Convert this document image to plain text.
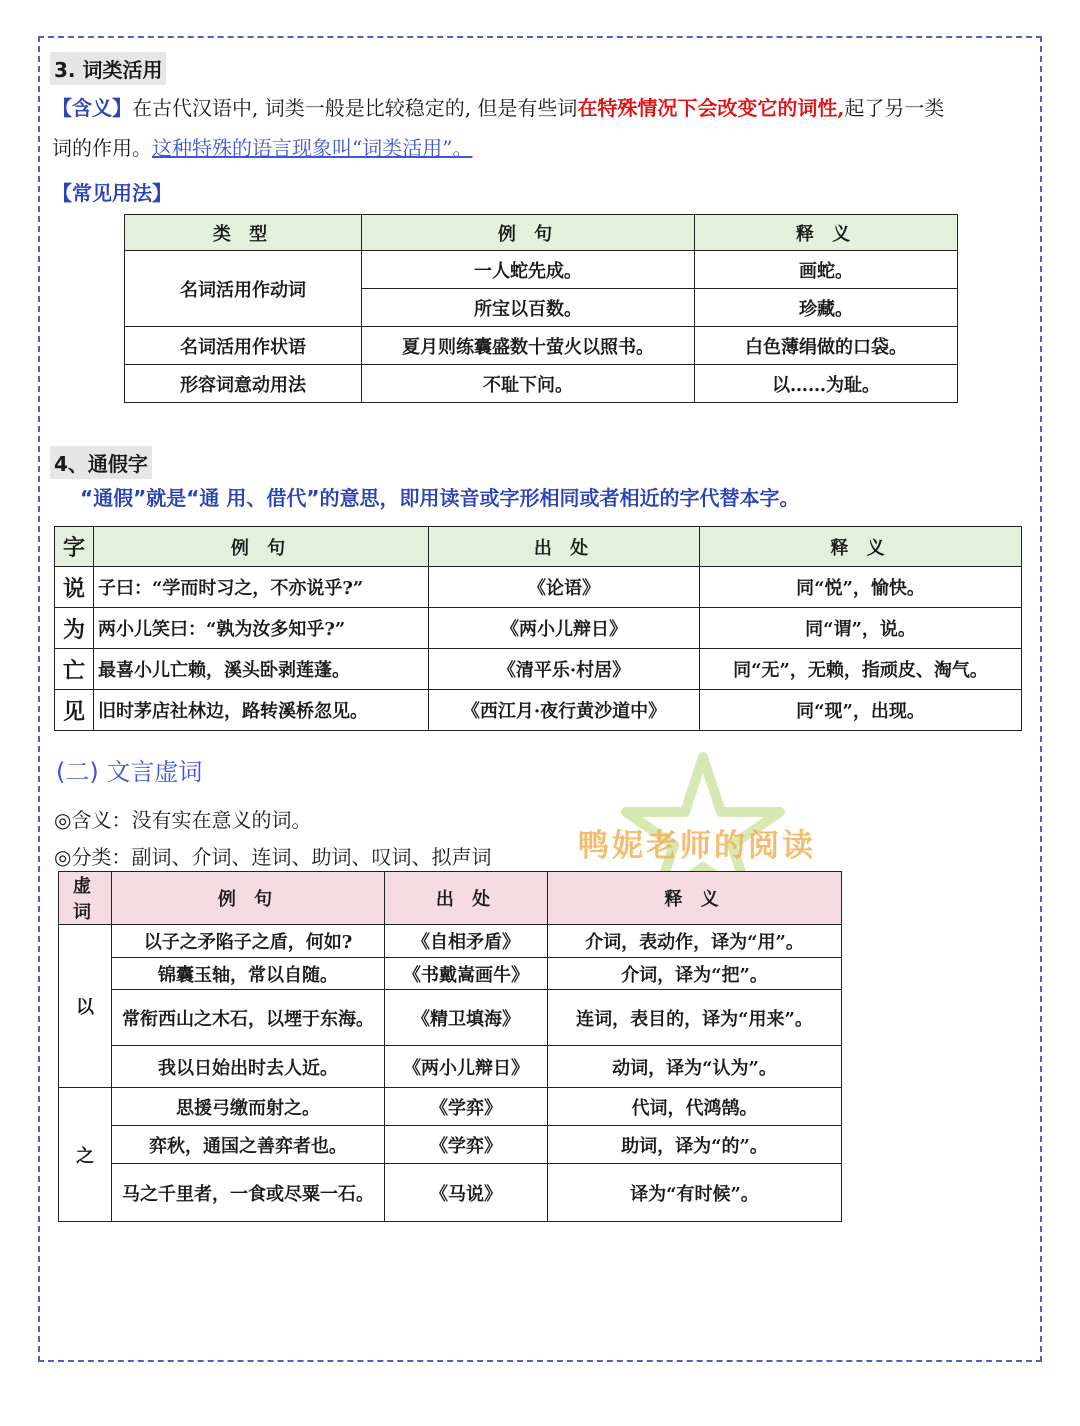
3. 词类活用
【含义】在古代汉语中, 词类一般是比较稳定的, 但是有些词在特殊情况下会改变它的词性,起了另一类
词的作用。这种特殊的语言现象叫“词类活用”。
【常见用法】
类 型	例 句	释 义
名词活用作动词	一人蛇先成。	画蛇。
	所宝以百数。	珍藏。
名词活用作状语	夏月则练囊盛数十萤火以照书。	白色薄绢做的口袋。
形容词意动用法	不耻下问。	以……为耻。
4、通假字
“通假”就是“通 用、借代”的意思，即用读音或字形相同或者相近的字代替本字。
字	例 句	出 处	释 义
说	子曰：“学而时习之，不亦说乎?”	《论语》	同“悦”，愉快。
为	两小儿笑曰：“孰为汝多知乎?”	《两小儿辩日》	同“谓”，说。
亡	最喜小儿亡赖，溪头卧剥莲蓬。	《清平乐·村居》	同“无”，无赖，指顽皮、淘气。
见	旧时茅店社林边，路转溪桥忽见。	《西江月·夜行黄沙道中》	同“现”，出现。
(二) 文言虚词
◎含义：没有实在意义的词。
◎分类：副词、介词、连词、助词、叹词、拟声词	鸭妮老师的阅读
虚 词	例 句	出 处	释 义
以	以子之矛陷子之盾，何如?	《自相矛盾》	介词，表动作，译为“用”。
	锦囊玉轴，常以自随。	《书戴嵩画牛》	介词，译为“把”。
	常衔西山之木石，以堙于东海。	《精卫填海》	连词，表目的，译为“用来”。
	我以日始出时去人近。	《两小儿辩日》	动词，译为“认为”。
之	思援弓缴而射之。	《学弈》	代词，代鸿鹄。
	弈秋，通国之善弈者也。	《学弈》	助词，译为“的”。
	马之千里者，一食或尽粟一石。	《马说》	译为“有时候”。
